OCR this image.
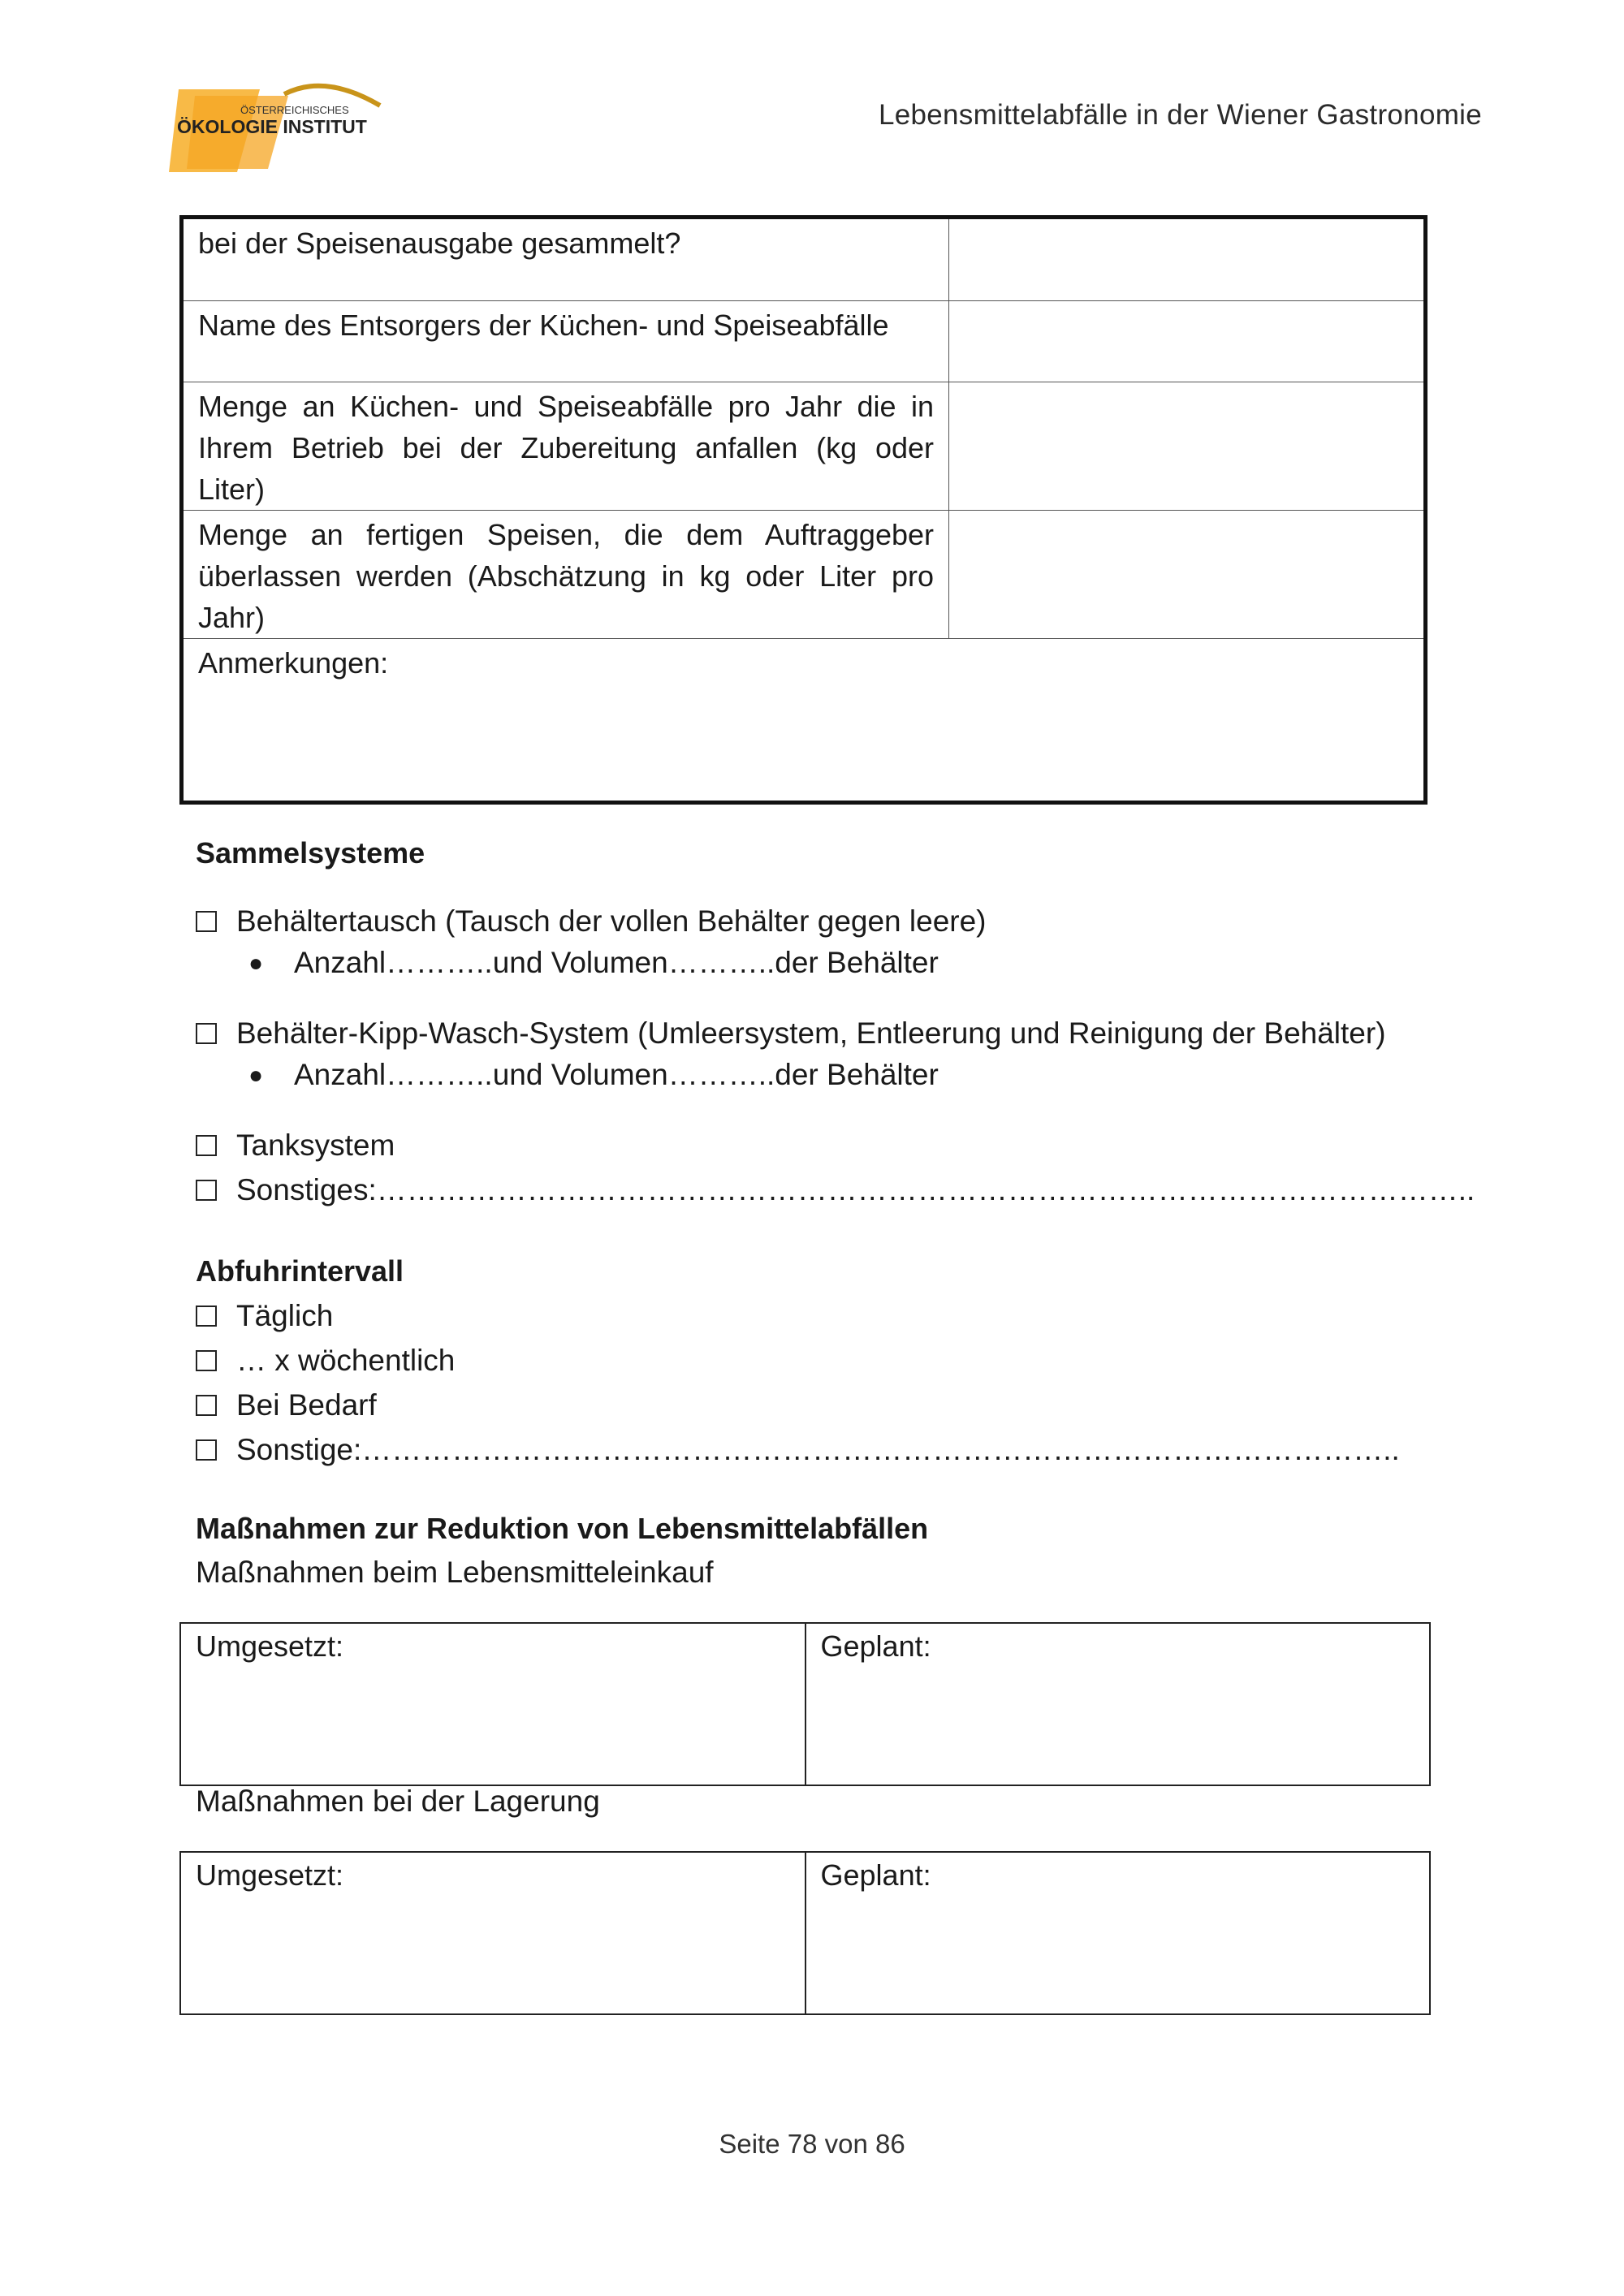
ÖSTERREICHISCHES
ÖKOLOGIE INSTITUT	Lebensmittelabfälle in der Wiener Gastronomie
bei der Speisenausgabe gesammelt?	

Name des Entsorgers der Küchen- und Speiseabfälle	

Menge an Küchen- und Speiseabfälle pro Jahr die in Ihrem Betrieb bei der Zubereitung anfallen (kg oder Liter)	

Menge an fertigen Speisen, die dem Auftraggeber überlassen werden (Abschätzung in kg oder Liter pro Jahr)	

Anmerkungen:	
Sammelsysteme
Behältertausch (Tausch der vollen Behälter gegen leere)
● Anzahl………..und Volumen………..der Behälter
Behälter-Kipp-Wasch-System (Umleersystem, Entleerung und Reinigung der Behälter)
● Anzahl………..und Volumen………..der Behälter
Tanksystem
Sonstiges:………………………………………………………………………………………………..
Abfuhrintervall
Täglich
… x wöchentlich
Bei Bedarf
Sonstige:…………………………………………………………………………………………..
Maßnahmen zur Reduktion von Lebensmittelabfällen
Maßnahmen beim Lebensmitteleinkauf
Umgesetzt:	Geplant:
Maßnahmen bei der Lagerung
Umgesetzt:	Geplant:
Seite 78 von 86
